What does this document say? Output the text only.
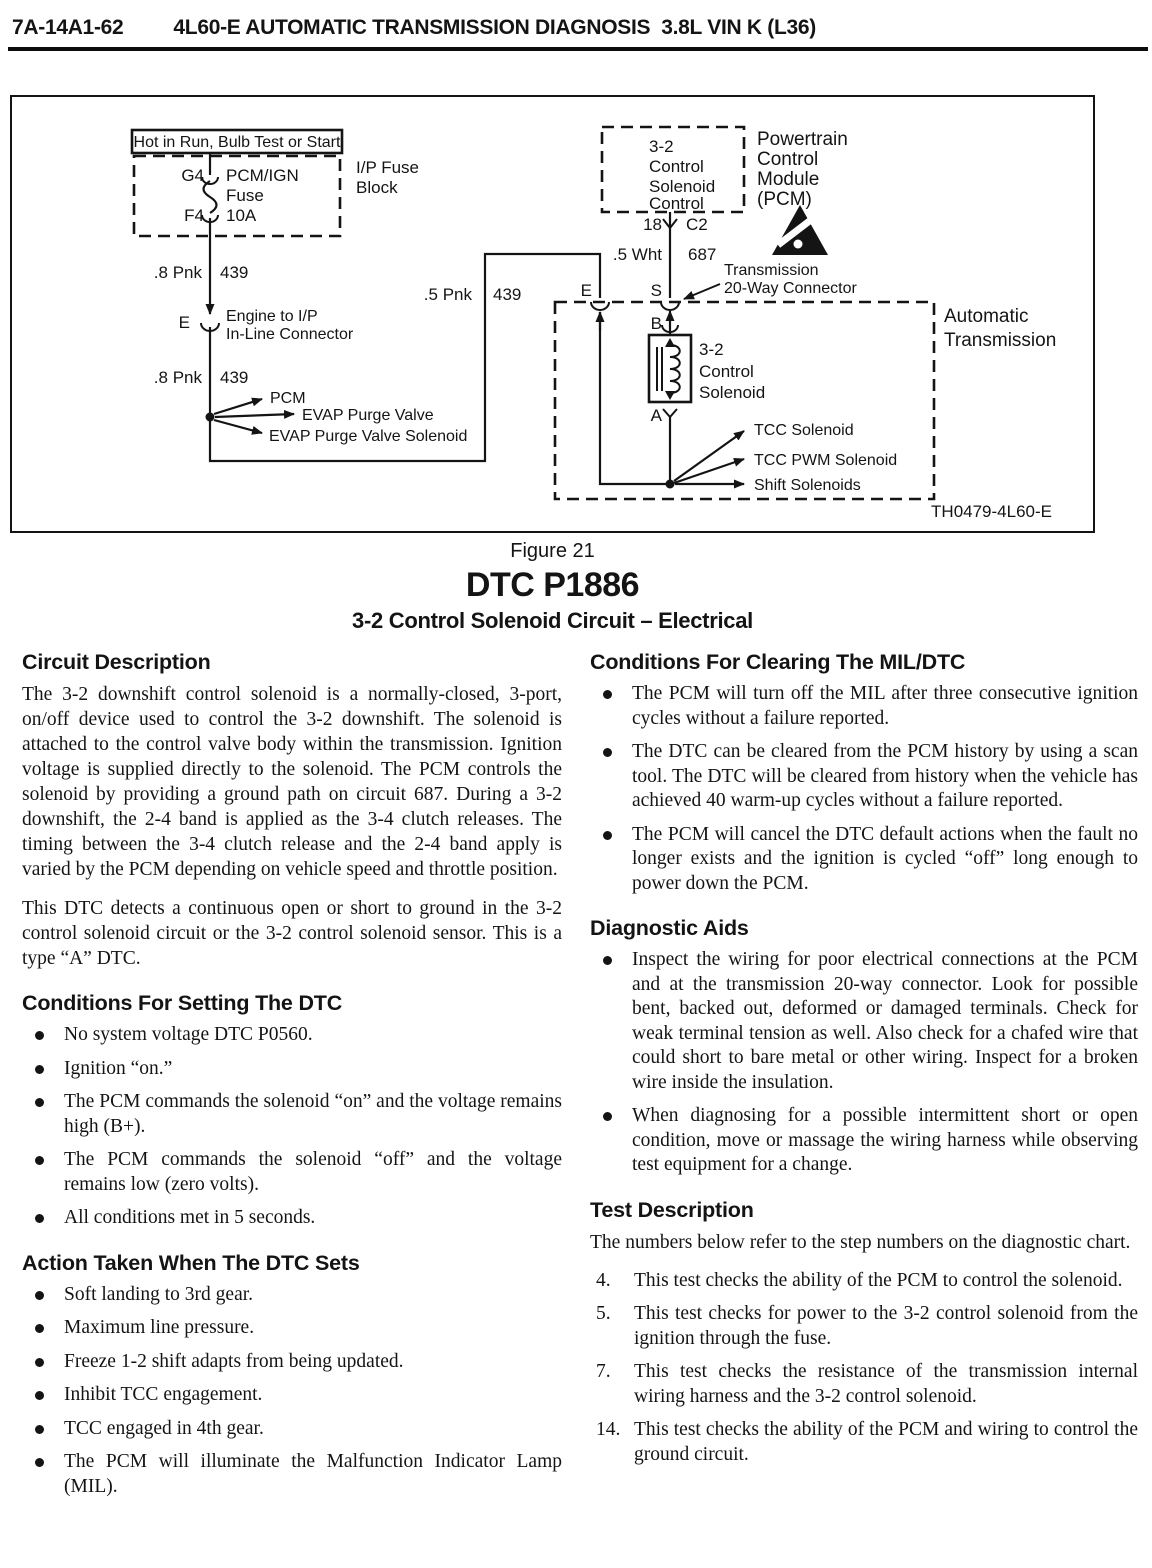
7A-14A1-62 4L60-E AUTOMATIC TRANSMISSION DIAGNOSIS  3.8L VIN K (L36)
Hot in Run, Bulb Test or Start
G4
F4
PCM/IGN
Fuse
10A
I/P Fuse
Block
.8 Pnk 439
E Engine to I/P
In-Line Connector
.8 Pnk 439
PCM
EVAP Purge Valve
EVAP Purge Valve Solenoid
.5 Pnk 439
3-2
Control
Solenoid
Control
Powertrain
Control
Module
(PCM)
18 C2
.5 Wht 687
Transmission
20-Way Connector
Automatic
Transmission
E	S
B
3-2
Control
Solenoid
A
TCC Solenoid
TCC PWM Solenoid
Shift Solenoids
TH0479-4L60-E
Figure 21
DTC P1886
3-2 Control Solenoid Circuit – Electrical
Circuit Description

The 3-2 downshift control solenoid is a normally-closed, 3-port, on/off device used to control the 3-2 downshift. The solenoid is attached to the control valve body within the transmission. Ignition voltage is supplied directly to the solenoid. The PCM controls the solenoid by providing a ground path on circuit 687. During a 3-2 downshift, the 2-4 band is applied as the 3-4 clutch releases. The timing between the 3-4 clutch release and the 2-4 band apply is varied by the PCM depending on vehicle speed and throttle position.

This DTC detects a continuous open or short to ground in the 3-2 control solenoid circuit or the 3-2 control solenoid sensor. This is a type “A” DTC.

Conditions For Setting The DTC
No system voltage DTC P0560.
Ignition “on.”
The PCM commands the solenoid “on” and the voltage remains high (B+).
The PCM commands the solenoid “off” and the voltage remains low (zero volts).
All conditions met in 5 seconds.
Action Taken When The DTC Sets
Soft landing to 3rd gear.
Maximum line pressure.
Freeze 1-2 shift adapts from being updated.
Inhibit TCC engagement.
TCC engaged in 4th gear.
The PCM will illuminate the Malfunction Indicator Lamp (MIL).
Conditions For Clearing The MIL/DTC
The PCM will turn off the MIL after three consecutive ignition cycles without a failure reported.
The DTC can be cleared from the PCM history by using a scan tool. The DTC will be cleared from history when the vehicle has achieved 40 warm-up cycles without a failure reported.
The PCM will cancel the DTC default actions when the fault no longer exists and the ignition is cycled “off” long enough to power down the PCM.
Diagnostic Aids
Inspect the wiring for poor electrical connections at the PCM and at the transmission 20-way connector. Look for possible bent, backed out, deformed or damaged terminals. Check for weak terminal tension as well. Also check for a chafed wire that could short to bare metal or other wiring. Inspect for a broken wire inside the insulation.
When diagnosing for a possible intermittent short or open condition, move or massage the wiring harness while observing test equipment for a change.
Test Description

The numbers below refer to the step numbers on the diagnostic chart.

4.	This test checks the ability of the PCM to control the solenoid.
5.	This test checks for power to the 3-2 control solenoid from the ignition through the fuse.
7.	This test checks the resistance of the transmission internal wiring harness and the 3-2 control solenoid.
14. This test checks the ability of the PCM and wiring to control the ground circuit.
